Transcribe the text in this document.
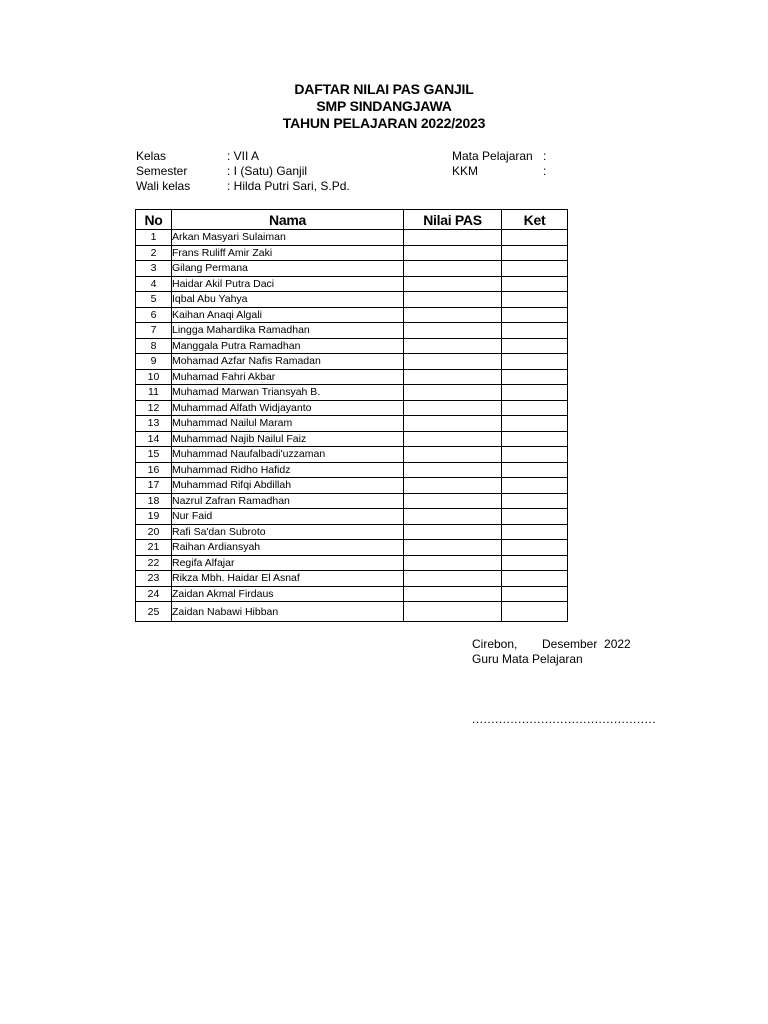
DAFTAR NILAI PAS GANJIL
SMP SINDANGJAWA
TAHUN PELAJARAN 2022/2023
Kelas	: VII A
Semester	: I (Satu) Ganjil
Wali kelas	: Hilda Putri Sari, S.Pd.
Mata Pelajaran :
KKM	:
No	Nama	Nilai PAS	Ket
1	Arkan Masyari Sulaiman		
2	Frans Ruliff Amir Zaki		
3	Gilang Permana		
4	Haidar Akil Putra Daci		
5	Iqbal Abu Yahya		
6	Kaihan Anaqi Algali		
7	Lingga Mahardika Ramadhan		
8	Manggala Putra Ramadhan		
9	Mohamad Azfar Nafis Ramadan		
10	Muhamad Fahri Akbar		
11	Muhamad Marwan Triansyah B.		
12	Muhammad Alfath Widjayanto		
13	Muhammad Nailul Maram		
14	Muhammad Najib Nailul Faiz		
15	Muhammad Naufalbadi'uzzaman		
16	Muhammad Ridho Hafidz		
17	Muhammad Rifqi Abdillah		
18	Nazrul Zafran Ramadhan		
19	Nur Faid		
20	Rafi Sa'dan Subroto		
21	Raihan Ardiansyah		
22	Regifa Alfajar		
23	Rikza Mbh. Haidar El Asnaf		
24	Zaidan Akmal Firdaus		
25	Zaidan Nabawi Hibban		
Cirebon, Desember  2022
Guru Mata Pelajaran
................................................
